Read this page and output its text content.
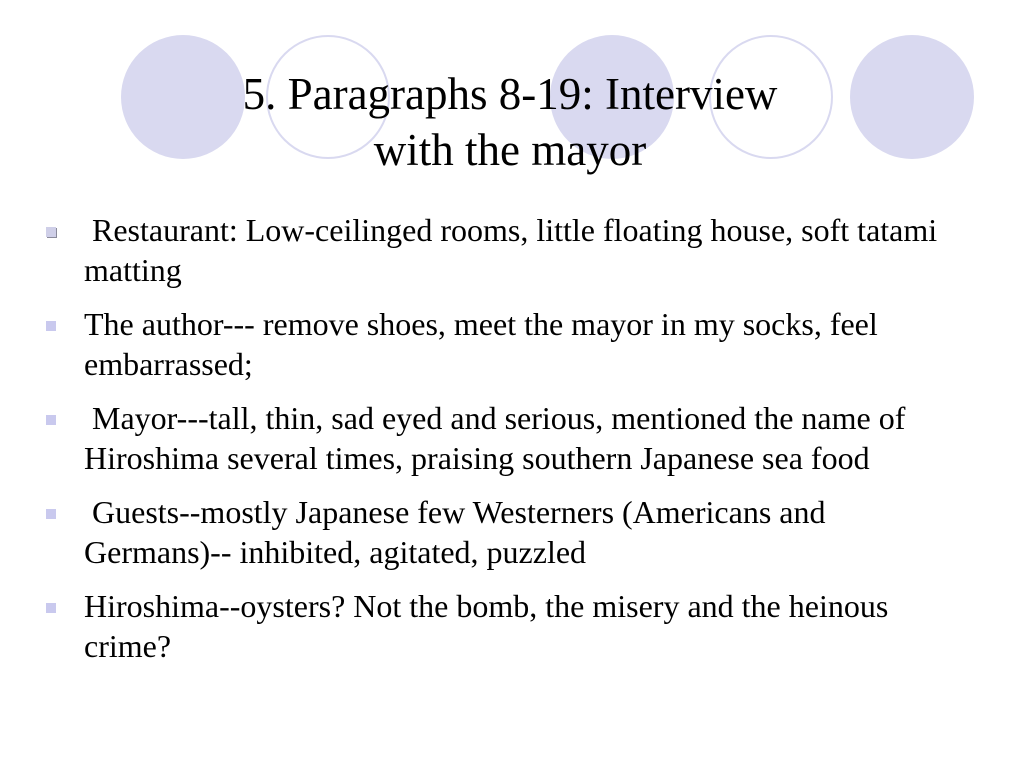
5. Paragraphs 8-19: Interview
with the mayor
Restaurant: Low-ceilinged rooms, little floating house, soft tatami matting
The author--- remove shoes, meet the mayor in my socks, feel embarrassed;
Mayor---tall, thin, sad eyed and serious, mentioned the name of Hiroshima several times, praising southern Japanese sea food
Guests--mostly Japanese few Westerners (Americans and Germans)-- inhibited, agitated, puzzled
Hiroshima--oysters? Not the bomb, the misery and the heinous crime?
